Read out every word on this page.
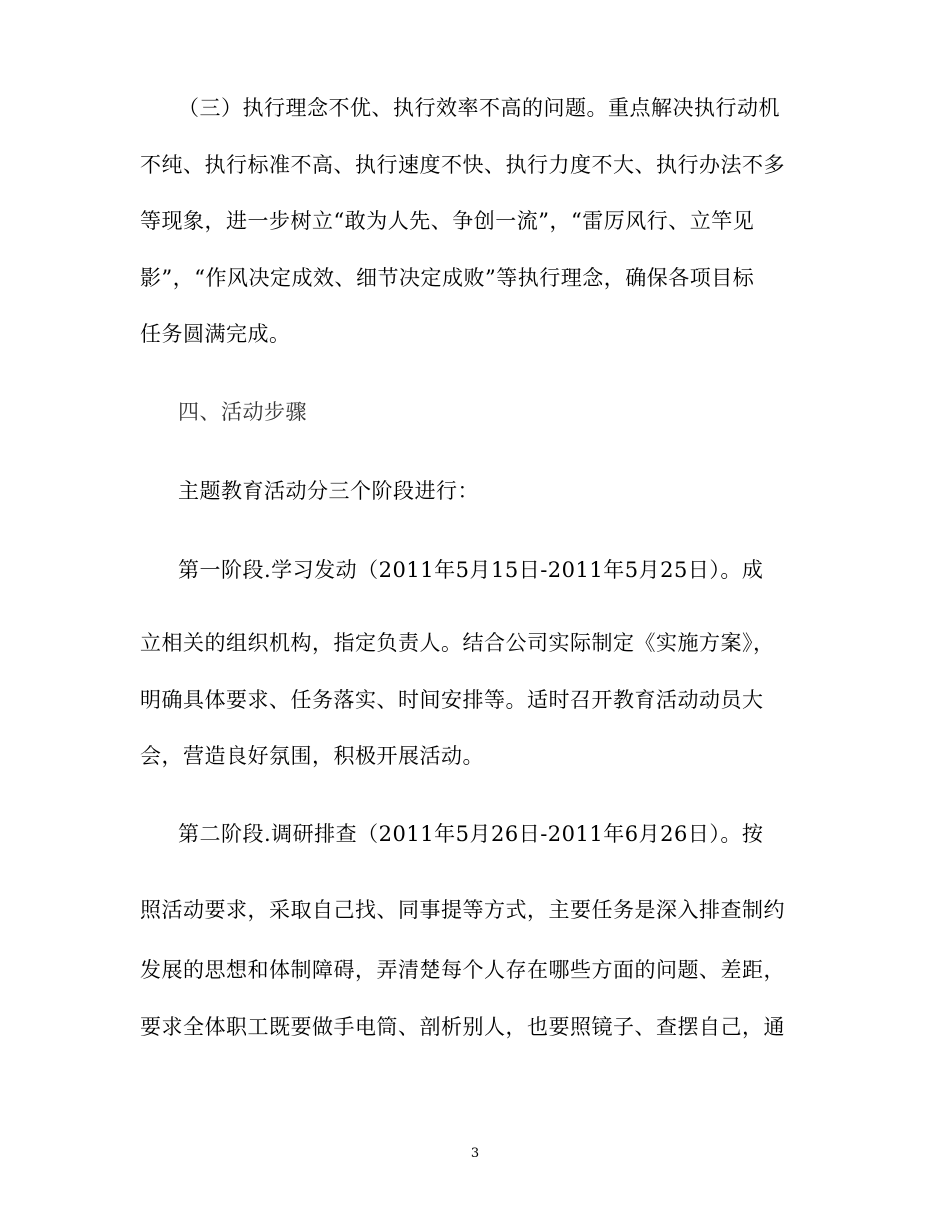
（三）执行理念不优、执行效率不高的问题。重点解决执行动机
不纯、执行标准不高、执行速度不快、执行力度不大、执行办法不多
等现象，进一步树立“敢为人先、争创一流”，“雷厉风行、立竿见
影”，“作风决定成效、细节决定成败”等执行理念，确保各项目标
任务圆满完成。
四、活动步骤
主题教育活动分三个阶段进行：
第一阶段.学习发动（2011年5月15日-2011年5月25日）。成
立相关的组织机构，指定负责人。结合公司实际制定《实施方案》，
明确具体要求、任务落实、时间安排等。适时召开教育活动动员大
会，营造良好氛围，积极开展活动。
第二阶段.调研排查（2011年5月26日-2011年6月26日）。按
照活动要求，采取自己找、同事提等方式，主要任务是深入排查制约
发展的思想和体制障碍，弄清楚每个人存在哪些方面的问题、差距，
要求全体职工既要做手电筒、剖析别人，也要照镜子、查摆自己，通
3
